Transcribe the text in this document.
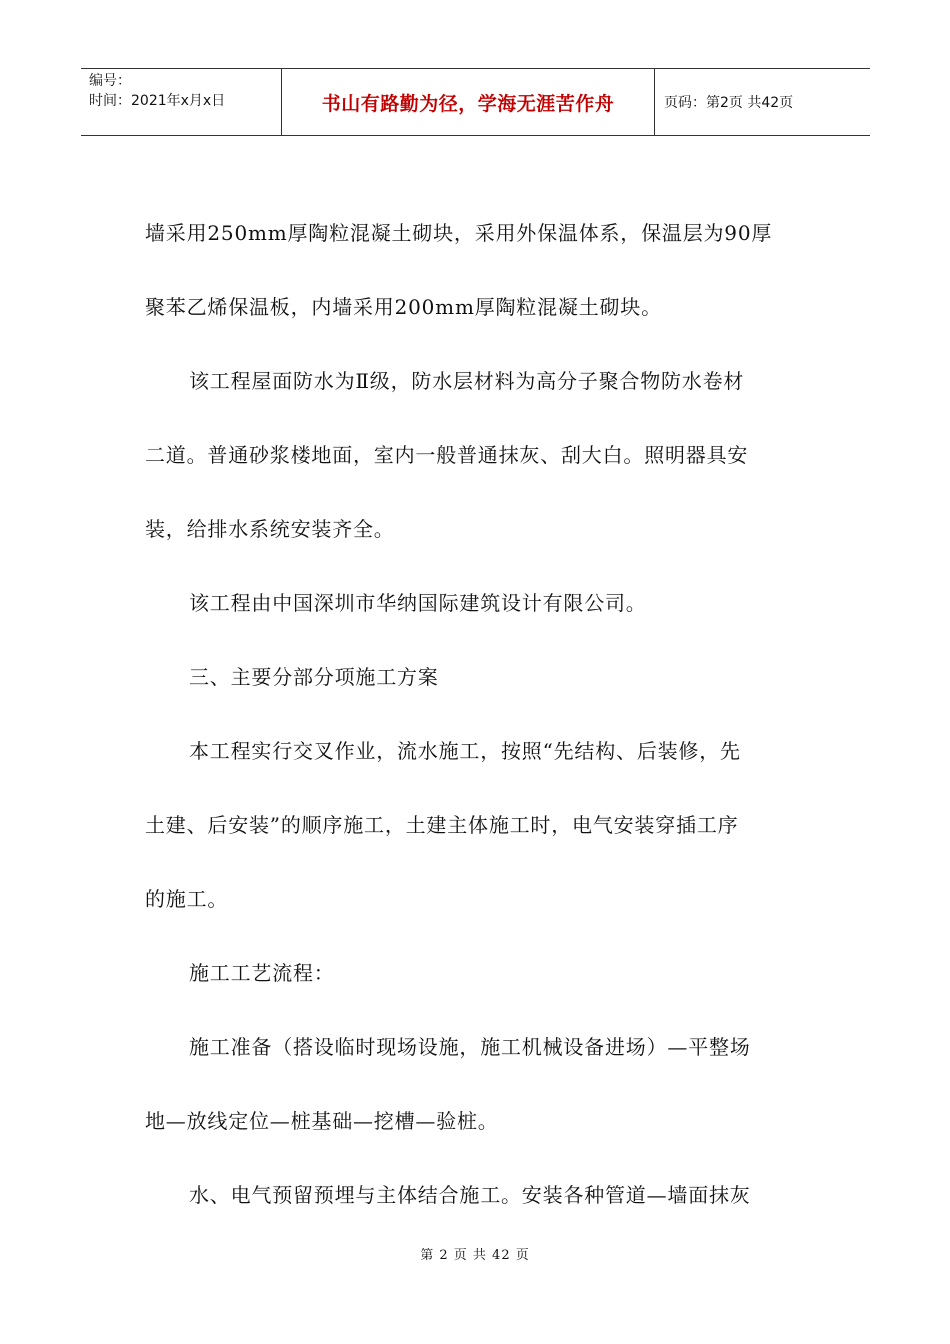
编号：
时间：2021年x月x日	书山有路勤为径，学海无涯苦作舟	页码：第2页 共42页
墙采用250mm厚陶粒混凝土砌块，采用外保温体系，保温层为90厚
聚苯乙烯保温板，内墙采用200mm厚陶粒混凝土砌块。
该工程屋面防水为Ⅱ级，防水层材料为高分子聚合物防水卷材
二道。普通砂浆楼地面，室内一般普通抹灰、刮大白。照明器具安
装，给排水系统安装齐全。
该工程由中国深圳市华纳国际建筑设计有限公司。
三、主要分部分项施工方案
本工程实行交叉作业，流水施工，按照“先结构、后装修，先
土建、后安装”的顺序施工，土建主体施工时，电气安装穿插工序
的施工。
施工工艺流程：
施工准备（搭设临时现场设施，施工机械设备进场）—平整场
地—放线定位—桩基础—挖槽—验桩。
水、电气预留预埋与主体结合施工。安装各种管道—墙面抹灰
第 2 页 共 42 页
